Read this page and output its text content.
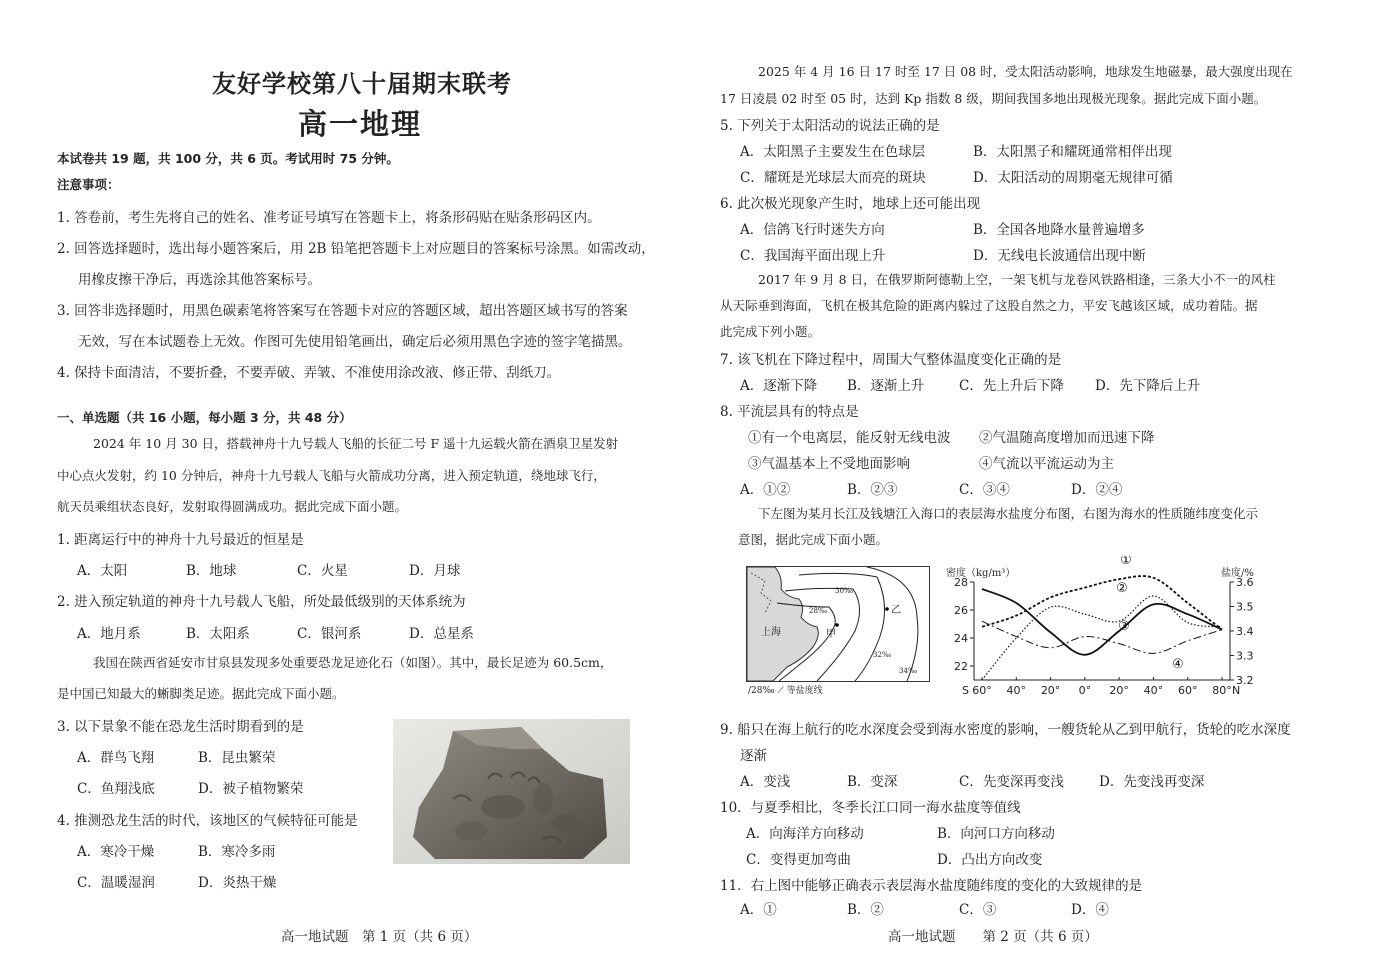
友好学校第八十届期末联考
高一地理
本试卷共 19 题，共 100 分，共 6 页。考试用时 75 分钟。
注意事项：
1. 答卷前，考生先将自己的姓名、准考证号填写在答题卡上，将条形码贴在贴条形码区内。
2. 回答选择题时，选出每小题答案后，用 2B 铅笔把答题卡上对应题目的答案标号涂黑。如需改动，
用橡皮擦干净后，再选涂其他答案标号。
3. 回答非选择题时，用黑色碳素笔将答案写在答题卡对应的答题区域，超出答题区域书写的答案
无效，写在本试题卷上无效。作图可先使用铅笔画出，确定后必须用黑色字迹的签字笔描黑。
4. 保持卡面清洁，不要折叠，不要弄破、弄皱、不准使用涂改液、修正带、刮纸刀。
一、单选题（共 16 小题，每小题 3 分，共 48 分）
2024 年 10 月 30 日，搭载神舟十九号载人飞船的长征二号 F 遥十九运载火箭在酒泉卫星发射
中心点火发射，约 10 分钟后，神舟十九号载人飞船与火箭成功分离，进入预定轨道，绕地球飞行，
航天员乘组状态良好，发射取得圆满成功。据此完成下面小题。
1. 距离运行中的神舟十九号最近的恒星是
A．太阳	B．地球	C．火星	D．月球
2. 进入预定轨道的神舟十九号载人飞船，所处最低级别的天体系统为
A．地月系	B．太阳系	C．银河系	D．总星系
我国在陕西省延安市甘泉县发现多处重要恐龙足迹化石（如图）。其中，最长足迹为 60.5cm，
是中国已知最大的蜥脚类足迹。据此完成下面小题。
3. 以下景象不能在恐龙生活时期看到的是
A．群鸟飞翔	B．昆虫繁荣
C．鱼翔浅底	D．被子植物繁荣
4. 推测恐龙生活的时代，该地区的气候特征可能是
A．寒冷干燥	B．寒冷多雨
C．温暖湿润	D．炎热干燥
高一地试题　第 1 页（共 6 页）
2025 年 4 月 16 日 17 时至 17 日 08 时，受太阳活动影响，地球发生地磁暴，最大强度出现在
17 日凌晨 02 时至 05 时，达到 Kp 指数 8 级，期间我国多地出现极光现象。据此完成下面小题。
5. 下列关于太阳活动的说法正确的是
A．太阳黑子主要发生在色球层	B．太阳黑子和耀斑通常相伴出现
C．耀斑是光球层大而亮的斑块	D．太阳活动的周期毫无规律可循
6. 此次极光现象产生时，地球上还可能出现
A．信鸽飞行时迷失方向	B．全国各地降水量普遍增多
C．我国海平面出现上升	D．无线电长波通信出现中断
2017 年 9 月 8 日，在俄罗斯阿德勒上空，一架飞机与龙卷风铁路相逢，三条大小不一的风柱
从天际垂到海面，飞机在极其危险的距离内躲过了这股自然之力，平安飞越该区域，成功着陆。据
此完成下列小题。
7. 该飞机在下降过程中，周围大气整体温度变化正确的是
A．逐渐下降 B．逐渐上升	C．先上升后下降 D．先下降后上升
8. 平流层具有的特点是
①有一个电离层，能反射无线电波 ②气温随高度增加而迅速下降
③气温基本上不受地面影响	④气流以平流运动为主
A．①②	B．②③	C．③④	D．②④
下左图为某月长江及钱塘江入海口的表层海水盐度分布图，右图为海水的性质随纬度变化示
意图，据此完成下面小题。
上海	甲
乙
28‰
30‰
32‰
34‰
/28‰ ⟋ 等盐度线
28
26
24
22
3.6
3.5
3.4
3.3
3.2
60° 40° 20° 0° 20° 40° 60° 80°
S	N
①
②
③
④
密度（kg/m³）	盐度/%
9. 船只在海上航行的吃水深度会受到海水密度的影响，一艘货轮从乙到甲航行，货轮的吃水深度
逐渐
A．变浅	B．变深	C．先变深再变浅	D．先变浅再变深
10．与夏季相比，冬季长江口同一海水盐度等值线
A．向海洋方向移动	B．向河口方向移动
C．变得更加弯曲	D．凸出方向改变
11．右上图中能够正确表示表层海水盐度随纬度的变化的大致规律的是
A．①	B．②	C．③	D．④
高一地试题　　第 2 页（共 6 页）
